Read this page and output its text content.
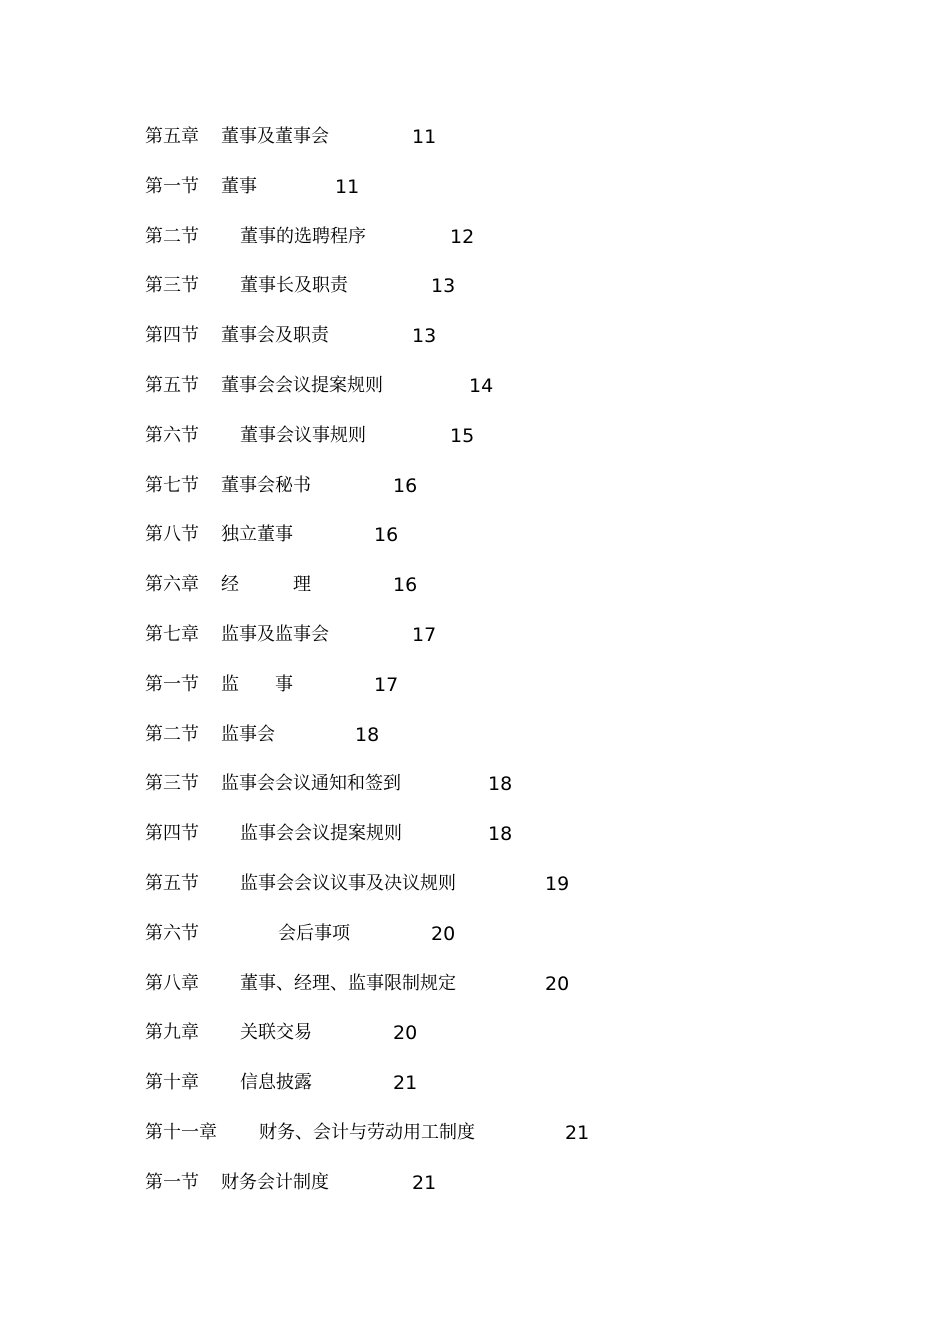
第五章	董事及董事会	11
第一节	董事	11
第二节	董事的选聘程序	12
第三节	董事长及职责	13
第四节	董事会及职责	13
第五节	董事会会议提案规则	14
第六节	董事会议事规则	15
第七节	董事会秘书	16
第八节	独立董事	16
第六章	经　　　理	16
第七章	监事及监事会	17
第一节	监　　事	17
第二节	监事会	18
第三节	监事会会议通知和签到	18
第四节	监事会会议提案规则	18
第五节	监事会会议议事及决议规则	19
第六节	会后事项	20
第八章	董事、经理、监事限制规定	20
第九章	关联交易	20
第十章	信息披露	21
第十一章	财务、会计与劳动用工制度	21
第一节	财务会计制度	21
